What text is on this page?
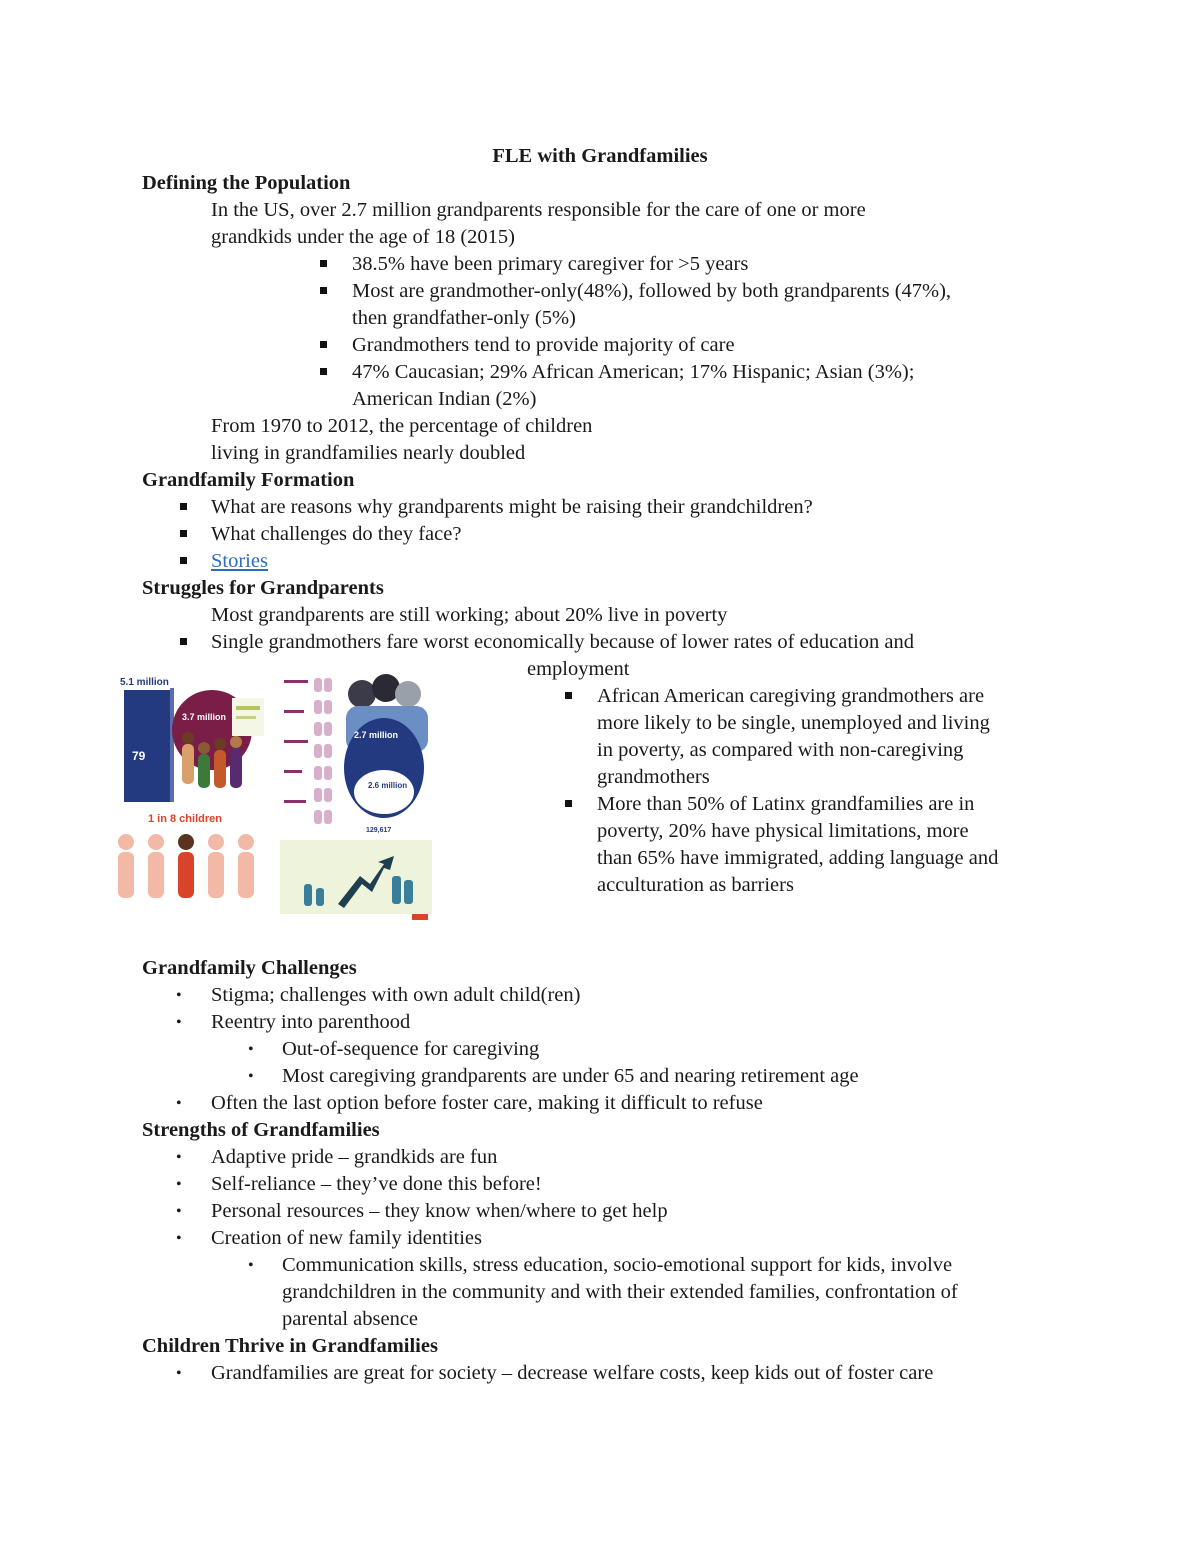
FLE with Grandfamilies
Defining the Population
In the US, over 2.7 million grandparents responsible for the care of one or more
grandkids under the age of 18 (2015)
38.5% have been primary caregiver for >5 years
Most are grandmother-only(48%), followed by both grandparents (47%),
then grandfather-only (5%)
Grandmothers tend to provide majority of care
47% Caucasian; 29% African American; 17% Hispanic; Asian (3%);
American Indian (2%)
From 1970 to 2012, the percentage of children
living in grandfamilies nearly doubled
Grandfamily Formation
What are reasons why grandparents might be raising their grandchildren?
What challenges do they face?
Stories
Struggles for Grandparents
Most grandparents are still working; about 20% live in poverty
Single grandmothers fare worst economically because of lower rates of education and
employment
African American caregiving grandmothers are
more likely to be single, unemployed and living
in poverty, as compared with non-caregiving
grandmothers
More than 50% of Latinx grandfamilies are in
poverty, 20% have physical limitations, more
than 65% have immigrated, adding language and
acculturation as barriers
5.1 million
3.7 million
79
1 in 8 children
2.7 million
2.6 million
129,617
Grandfamily Challenges
• Stigma; challenges with own adult child(ren)
• Reentry into parenthood
• Out-of-sequence for caregiving
• Most caregiving grandparents are under 65 and nearing retirement age
• Often the last option before foster care, making it difficult to refuse
Strengths of Grandfamilies
• Adaptive pride – grandkids are fun
• Self-reliance – they’ve done this before!
• Personal resources – they know when/where to get help
• Creation of new family identities
• Communication skills, stress education, socio-emotional support for kids, involve
grandchildren in the community and with their extended families, confrontation of
parental absence
Children Thrive in Grandfamilies
• Grandfamilies are great for society – decrease welfare costs, keep kids out of foster care
